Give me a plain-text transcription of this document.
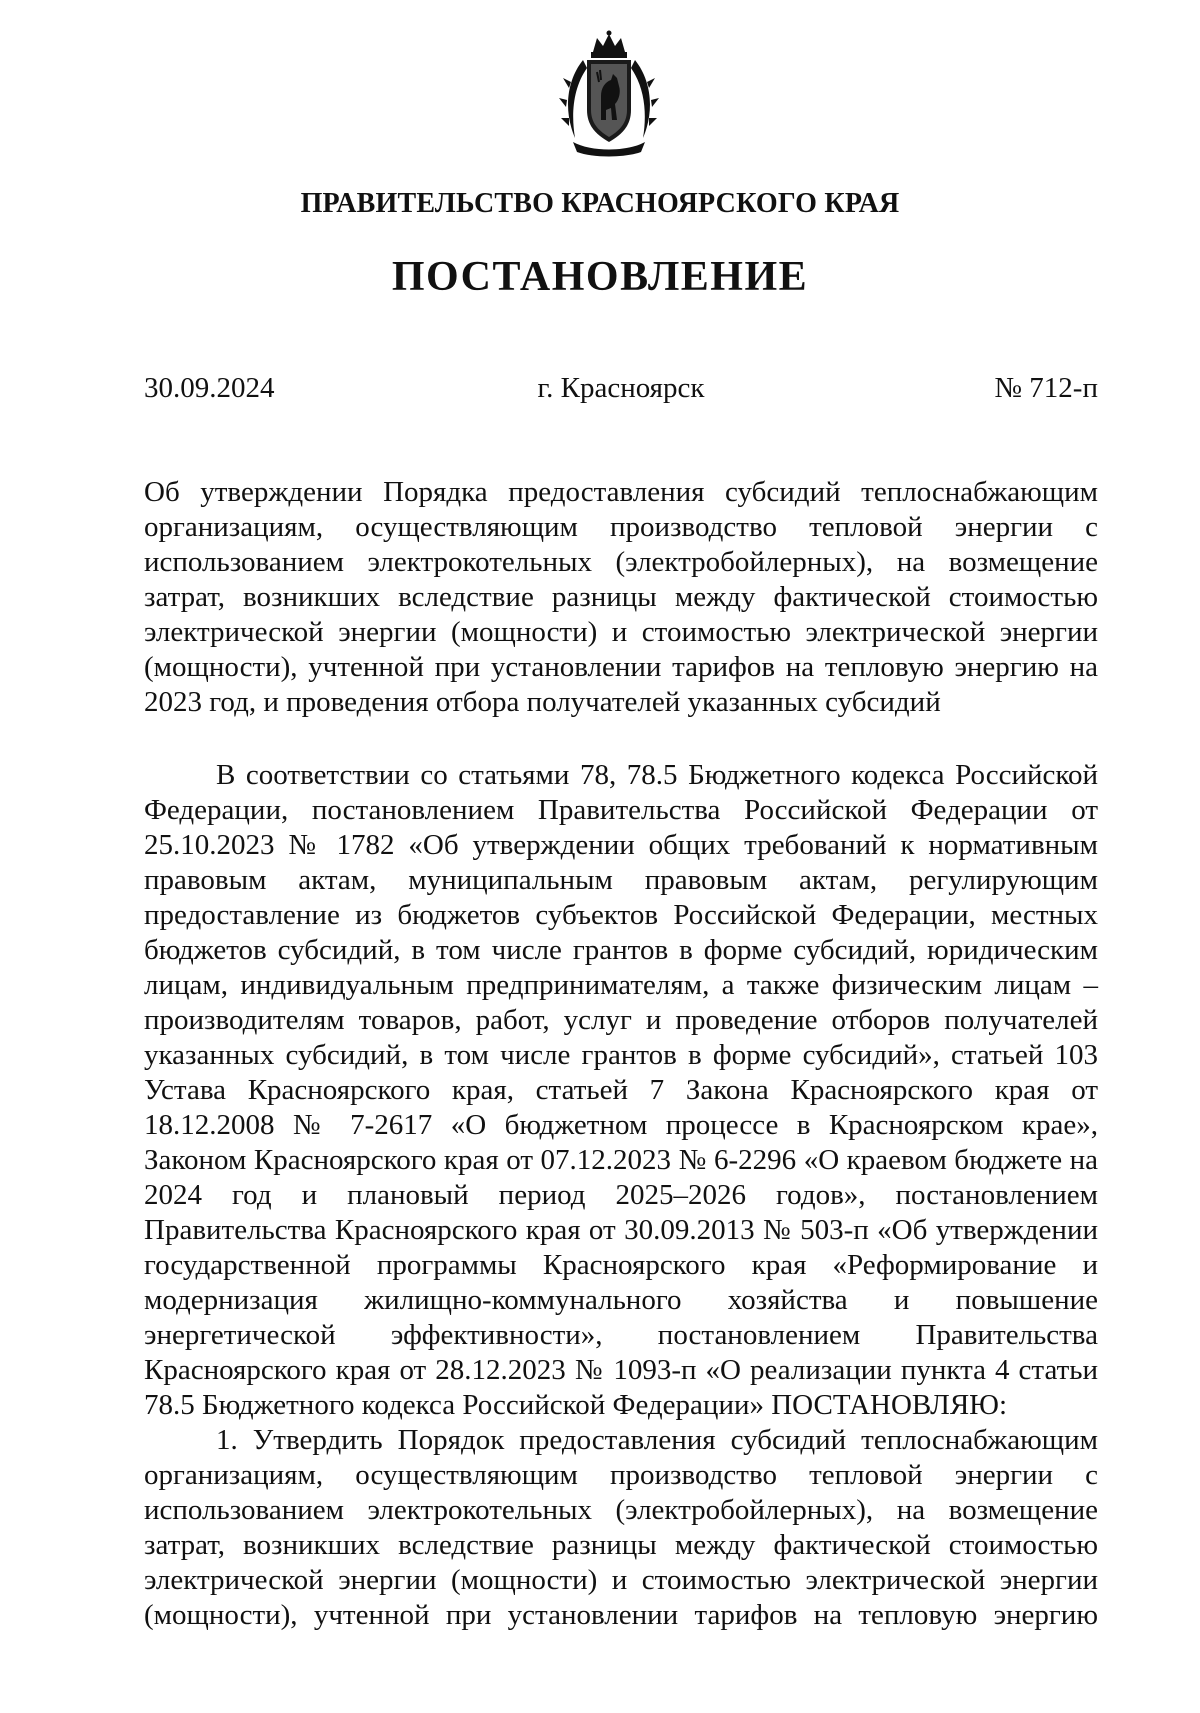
ПРАВИТЕЛЬСТВО КРАСНОЯРСКОГО КРАЯ
ПОСТАНОВЛЕНИЕ
г. Красноярск
30.09.2024	№ 712-п
Об утверждении Порядка предоставления субсидий теплоснабжающим организациям, осуществляющим производство тепловой энергии с использованием электрокотельных (электробойлерных), на возмещение затрат, возникших вследствие разницы между фактической стоимостью электрической энергии (мощности) и стоимостью электрической энергии (мощности), учтенной при установлении тарифов на тепловую энергию на 2023 год, и проведения отбора получателей указанных субсидий

В соответствии со статьями 78, 78.5 Бюджетного кодекса Российской Федерации, постановлением Правительства Российской Федерации от 25.10.2023 № 1782 «Об утверждении общих требований к нормативным правовым актам, муниципальным правовым актам, регулирующим предоставление из бюджетов субъектов Российской Федерации, местных бюджетов субсидий, в том числе грантов в форме субсидий, юридическим лицам, индивидуальным предпринимателям, а также физическим лицам – производителям товаров, работ, услуг и проведение отборов получателей указанных субсидий, в том числе грантов в форме субсидий», статьей 103 Устава Красноярского края, статьей 7 Закона Красноярского края от 18.12.2008 № 7-2617 «О бюджетном процессе в Красноярском крае», Законом Красноярского края от 07.12.2023 № 6-2296 «О краевом бюджете на 2024 год и плановый период 2025–2026 годов», постановлением Правительства Красноярского края от 30.09.2013 № 503-п «Об утверждении государственной программы Красноярского края «Реформирование и модернизация жилищно-коммунального хозяйства и повышение энергетической эффективности», постановлением Правительства Красноярского края от 28.12.2023 № 1093-п «О реализации пункта 4 статьи 78.5 Бюджетного кодекса Российской Федерации» ПОСТАНОВЛЯЮ:

1. Утвердить Порядок предоставления субсидий теплоснабжающим организациям, осуществляющим производство тепловой энергии с использованием электрокотельных (электробойлерных), на возмещение затрат, возникших вследствие разницы между фактической стоимостью электрической энергии (мощности) и стоимостью электрической энергии (мощности), учтенной при установлении тарифов на тепловую энергию
